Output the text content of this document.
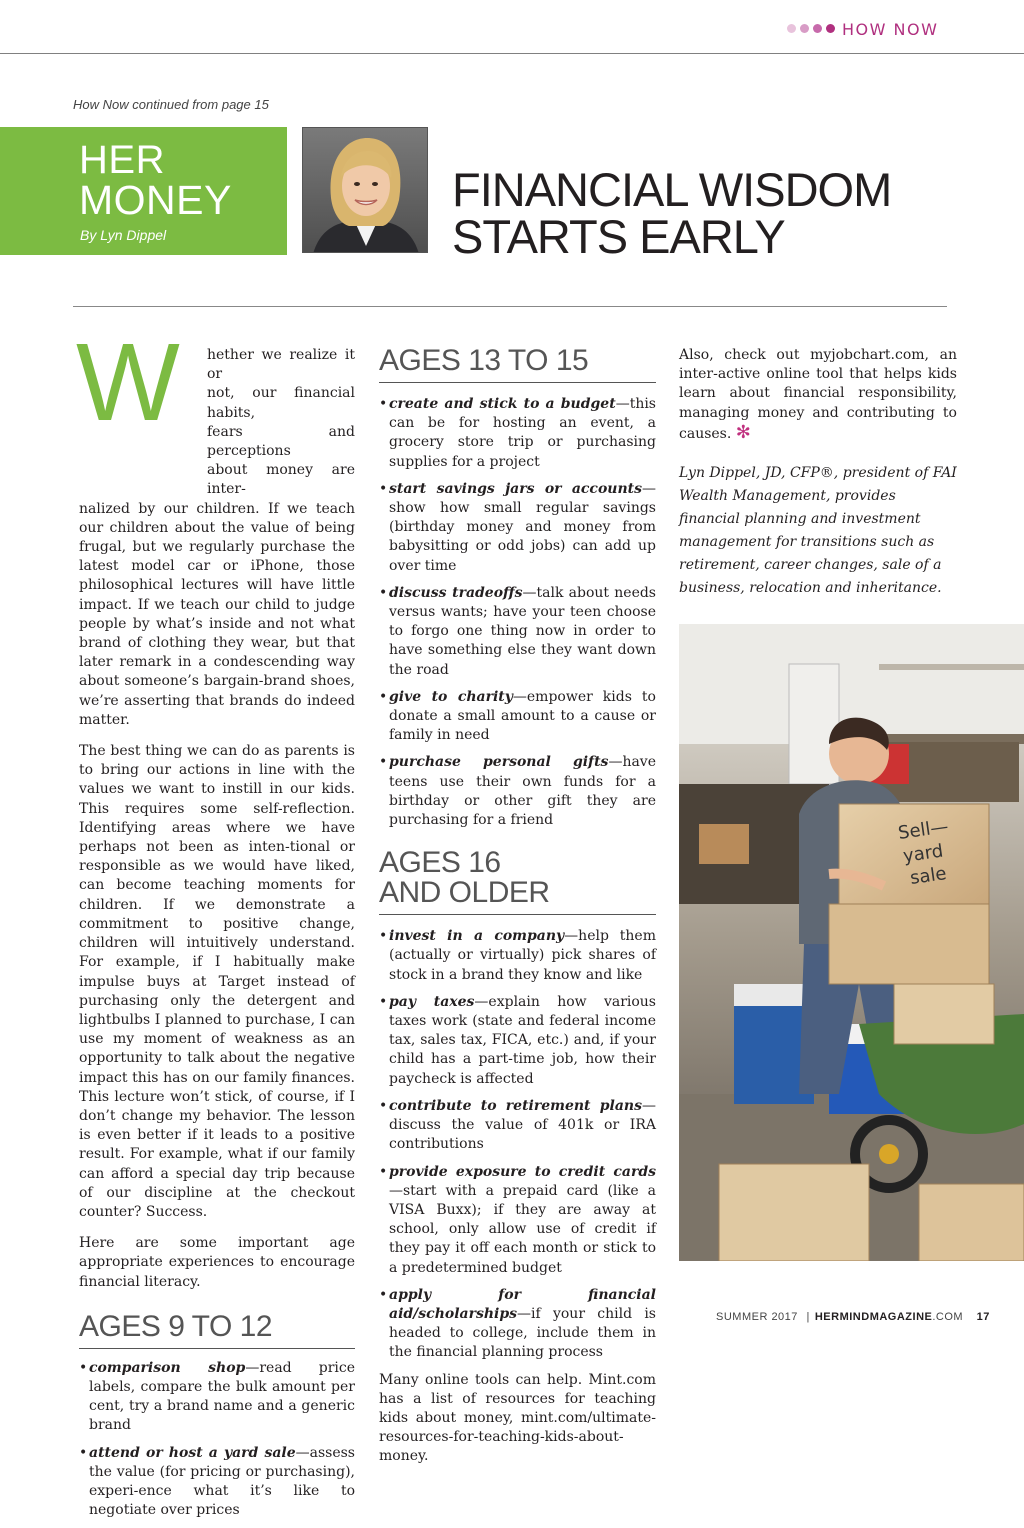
HOW NOW
How Now continued from page 15
HER
MONEY
By Lyn Dippel
FINANCIAL WISDOM
STARTS EARLY
W hether we realize it or
not, our financial habits,
fears and perceptions
about money are inter-

nalized by our children. If we teach our children about the value of being frugal, but we regularly purchase the latest model car or iPhone, those philosophical lectures will have little impact. If we teach our child to judge people by what’s inside and not what brand of clothing they wear, but that later remark in a condescending way about someone’s bargain-brand shoes, we’re asserting that brands do indeed matter.

The best thing we can do as parents is to bring our actions in line with the values we want to instill in our kids. This requires some self-reflection. Identifying areas where we have perhaps not been as inten-tional or responsible as we would have liked, can become teaching moments for children. If we demonstrate a commitment to positive change, children will intuitively understand. For example, if I habitually make impulse buys at Target instead of purchasing only the detergent and lightbulbs I planned to purchase, I can use my moment of weakness as an opportunity to talk about the negative impact this has on our family finances. This lecture won’t stick, of course, if I don’t change my behavior. The lesson is even better if it leads to a positive result. For example, what if our family can afford a special day trip because of our discipline at the checkout counter? Success.

Here are some important age appropriate experiences to encourage financial literacy.

AGES 9 TO 12
• comparison shop—read price labels, compare the bulk amount per cent, try a brand name and a generic brand
• attend or host a yard sale—assess the value (for pricing or purchasing), experi-ence what it’s like to negotiate over prices
AGES 13 TO 15
• create and stick to a budget—this can be for hosting an event, a grocery store trip or purchasing supplies for a project
• start savings jars or accounts—show how small regular savings (birthday money and money from babysitting or odd jobs) can add up over time
• discuss tradeoffs—talk about needs versus wants; have your teen choose to forgo one thing now in order to have something else they want down the road
• give to charity—empower kids to donate a small amount to a cause or family in need
• purchase personal gifts—have teens use their own funds for a birthday or other gift they are purchasing for a friend
AGES 16
AND OLDER
• invest in a company—help them (actually or virtually) pick shares of stock in a brand they know and like
• pay taxes—explain how various taxes work (state and federal income tax, sales tax, FICA, etc.) and, if your child has a part-time job, how their paycheck is affected
• contribute to retirement plans—discuss the value of 401k or IRA contributions
• provide exposure to credit cards—start with a prepaid card (like a VISA Buxx); if they are away at school, only allow use of credit if they pay it off each month or stick to a predetermined budget
• apply for financial aid/scholarships—if your child is headed to college, include them in the financial planning process

Many online tools can help. Mint.com has a list of resources for teaching kids about money, mint.com/ultimate-resources-for-teaching-kids-about-money.

Also, check out myjobchart.com, an inter-active online tool that helps kids learn about financial responsibility, managing money and contributing to causes. ✻

Lyn Dippel, JD, CFP®, president of FAI Wealth Management, provides financial planning and investment management for transitions such as retirement, career changes, sale of a business, relocation and inheritance.

Sell—
yard
sale
SUMMER 2017 | HERMINDMAGAZINE.COM 17
